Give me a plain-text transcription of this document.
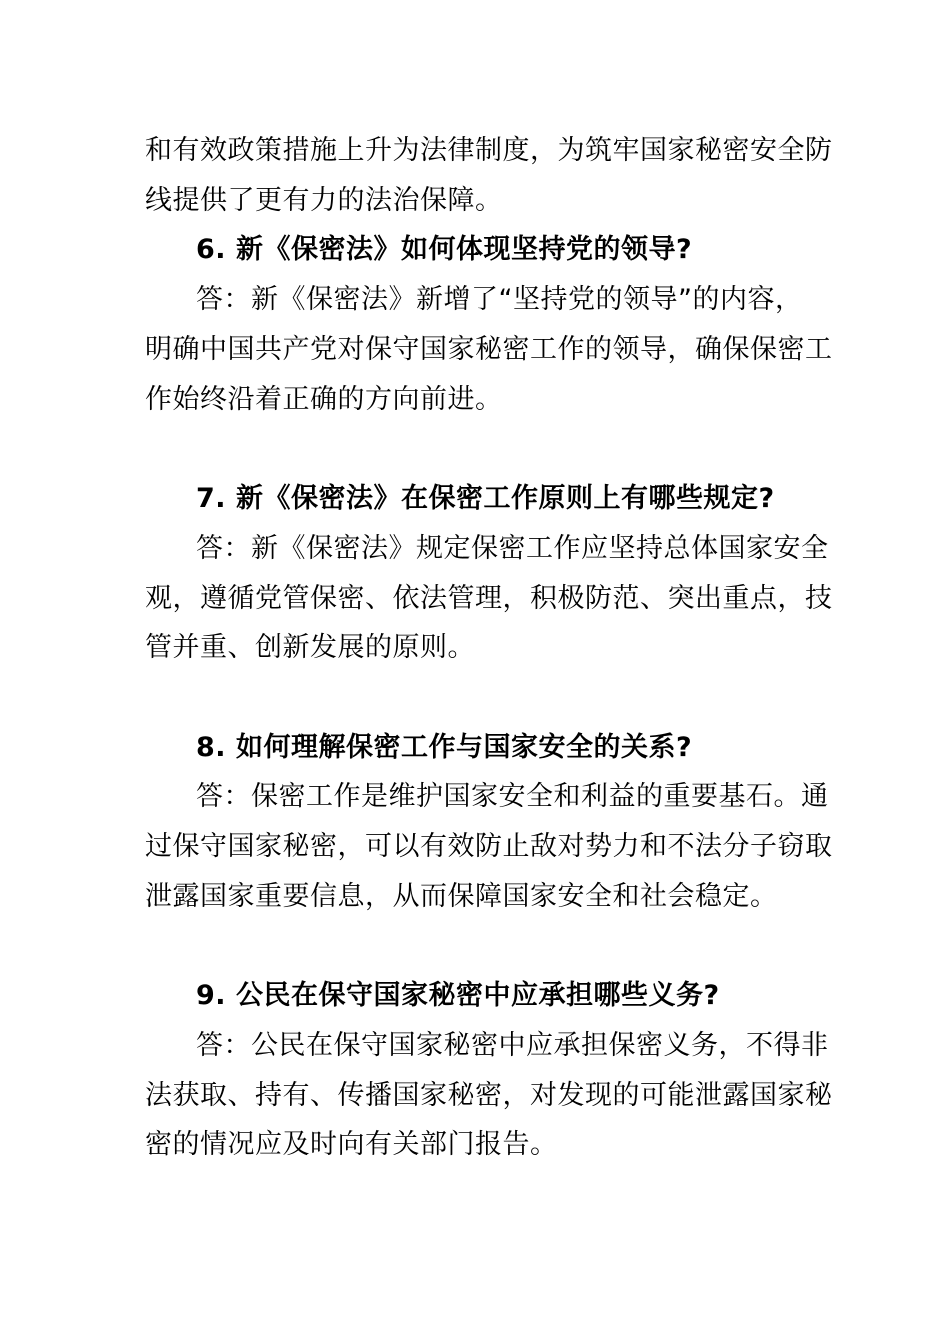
和有效政策措施上升为法律制度，为筑牢国家秘密安全防
线提供了更有力的法治保障。
6. 新《保密法》如何体现坚持党的领导?
答：新《保密法》新增了“坚持党的领导”的内容，
明确中国共产党对保守国家秘密工作的领导，确保保密工
作始终沿着正确的方向前进。
7. 新《保密法》在保密工作原则上有哪些规定?
答：新《保密法》规定保密工作应坚持总体国家安全
观，遵循党管保密、依法管理，积极防范、突出重点，技
管并重、创新发展的原则。
8. 如何理解保密工作与国家安全的关系?
答：保密工作是维护国家安全和利益的重要基石。通
过保守国家秘密，可以有效防止敌对势力和不法分子窃取
泄露国家重要信息，从而保障国家安全和社会稳定。
9. 公民在保守国家秘密中应承担哪些义务?
答：公民在保守国家秘密中应承担保密义务，不得非
法获取、持有、传播国家秘密，对发现的可能泄露国家秘
密的情况应及时向有关部门报告。
